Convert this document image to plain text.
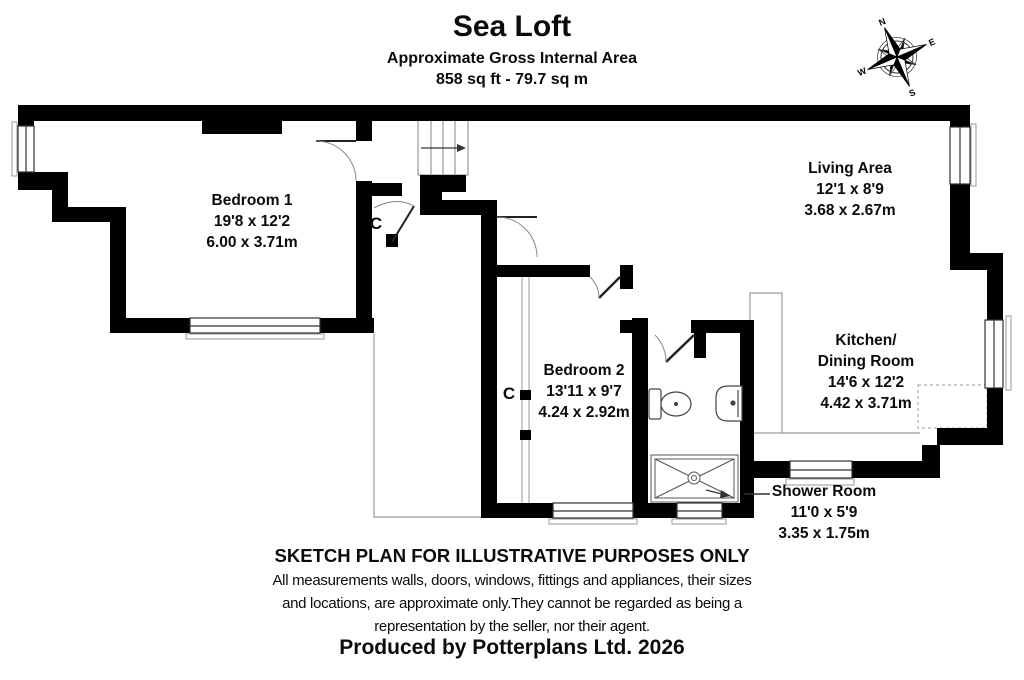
C
C
N
E
S
W
Sea Loft
Approximate Gross Internal Area
858 sq ft - 79.7 sq m
Bedroom 1
19'8 x 12'2
6.00 x 3.71m
Living Area
12'1 x 8'9
3.68 x 2.67m
Kitchen/
Dining Room
14'6 x 12'2
4.42 x 3.71m
Bedroom 2
13'11 x 9'7
4.24 x 2.92m
Shower Room
11'0 x 5'9
3.35 x 1.75m
SKETCH PLAN FOR ILLUSTRATIVE PURPOSES ONLY
All measurements walls, doors, windows, fittings and appliances, their sizes
and locations, are approximate only.They cannot be regarded as being a
representation by the seller, nor their agent.
Produced by Potterplans Ltd. 2026
